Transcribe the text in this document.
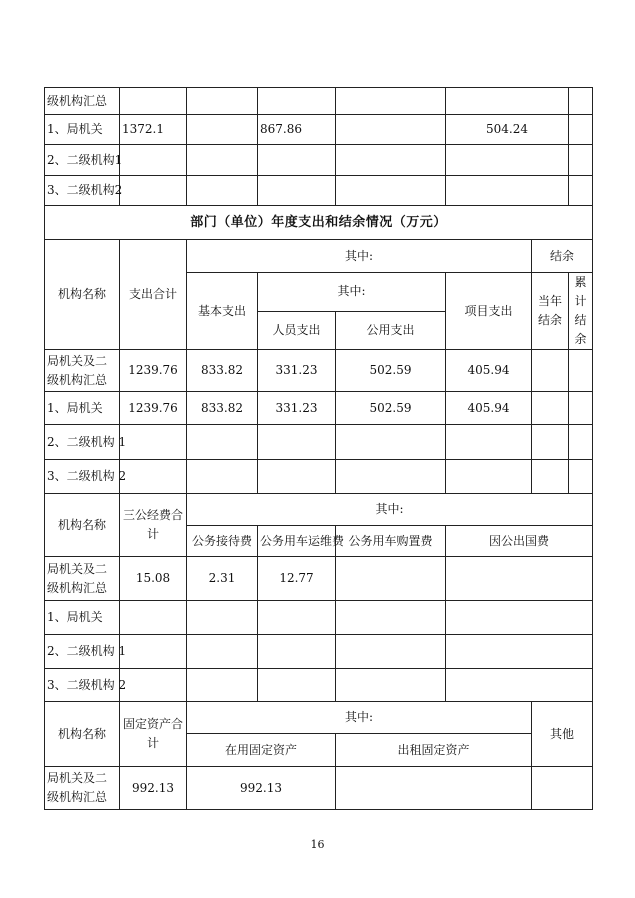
级机构汇总							
1、局机关	1372.1		867.86		504.24		
2、二级机构1							
3、二级机构2							
部门（单位）年度支出和结余情况（万元）							
机构名称	支出合计	其中:				结余	
		基本支出	其中:		项目支出	当年结余	累计结余
			人员支出	公用支出			
局机关及二级机构汇总	1239.76	833.82	331.23	502.59	405.94		
1、局机关	1239.76	833.82	331.23	502.59	405.94		
2、二级机构 1							
3、二级机构 2							
机构名称	三公经费合计	其中:					
		公务接待费	公务用车运维费	公务用车购置费	因公出国费		
局机关及二级机构汇总	15.08	2.31	12.77				
1、局机关							
2、二级机构 1							
3、二级机构 2							
机构名称	固定资产合计	其中:				其他	
		在用固定资产		出租固定资产			
局机关及二级机构汇总	992.13	992.13					
16
